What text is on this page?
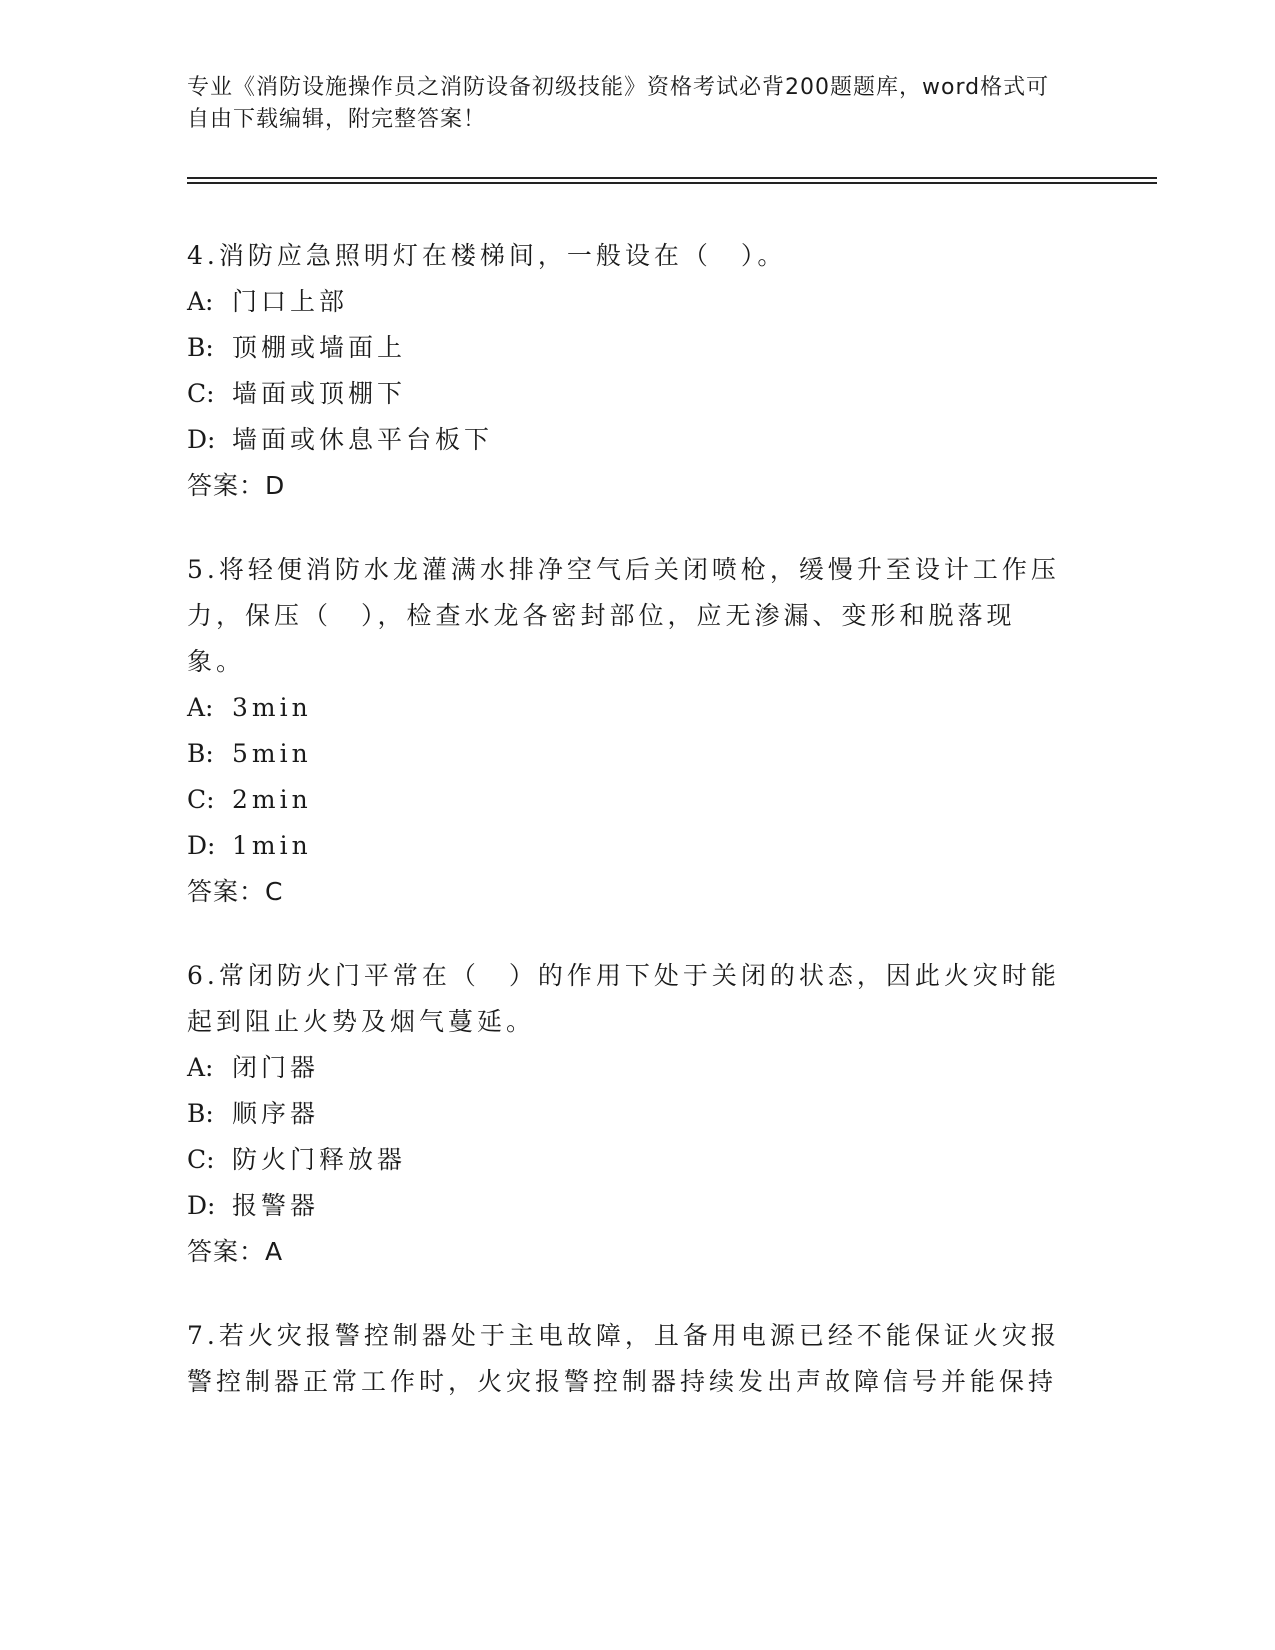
专业《消防设施操作员之消防设备初级技能》资格考试必背200题题库，word格式可自由下载编辑，附完整答案！

4.消防应急照明灯在楼梯间，一般设在（　）。

A: 门口上部
B: 顶棚或墙面上
C: 墙面或顶棚下
D: 墙面或休息平台板下

答案：D

5.将轻便消防水龙灌满水排净空气后关闭喷枪，缓慢升至设计工作压力，保压（　），检查水龙各密封部位，应无渗漏、变形和脱落现象。

A: 3min
B: 5min
C: 2min
D: 1min

答案：C

6.常闭防火门平常在（　）的作用下处于关闭的状态，因此火灾时能起到阻止火势及烟气蔓延。

A: 闭门器
B: 顺序器
C: 防火门释放器
D: 报警器

答案：A

7.若火灾报警控制器处于主电故障，且备用电源已经不能保证火灾报警控制器正常工作时，火灾报警控制器持续发出声故障信号并能保持
